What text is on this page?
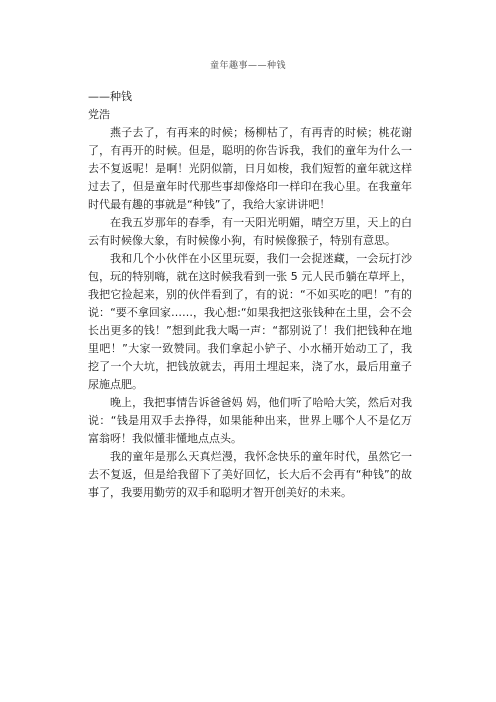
童年趣事——种钱

——种钱

党浩

燕子去了，有再来的时候；杨柳枯了，有再青的时候；桃花谢了，有再开的时候。但是，聪明的你告诉我，我们的童年为什么一去不复返呢！是啊！光阴似箭，日月如梭，我们短暂的童年就这样过去了，但是童年时代那些事却像烙印一样印在我心里。在我童年时代最有趣的事就是“种钱”了，我给大家讲讲吧！

在我五岁那年的春季，有一天阳光明媚，晴空万里，天上的白云有时候像大象，有时候像小狗，有时候像猴子，特别有意思。

我和几个小伙伴在小区里玩耍，我们一会捉迷藏，一会玩打沙包，玩的特别嗨，就在这时候我看到一张 5 元人民币躺在草坪上，我把它捡起来，别的伙伴看到了，有的说：“不如买吃的吧！”有的说：“要不拿回家……，我心想:“如果我把这张钱种在土里，会不会长出更多的钱！”想到此我大喝一声：“都别说了！我们把钱种在地里吧！”大家一致赞同。我们拿起小铲子、小水桶开始动工了，我挖了一个大坑，把钱放就去，再用土埋起来，浇了水，最后用童子尿施点肥。

晚上，我把事情告诉爸爸妈 妈，他们听了哈哈大笑，然后对我说：“钱是用双手去挣得，如果能种出来，世界上哪个人不是亿万富翁呀！我似懂非懂地点点头。

我的童年是那么天真烂漫，我怀念快乐的童年时代，虽然它一去不复返，但是给我留下了美好回忆，长大后不会再有“种钱”的故事了，我要用勤劳的双手和聪明才智开创美好的未来。
